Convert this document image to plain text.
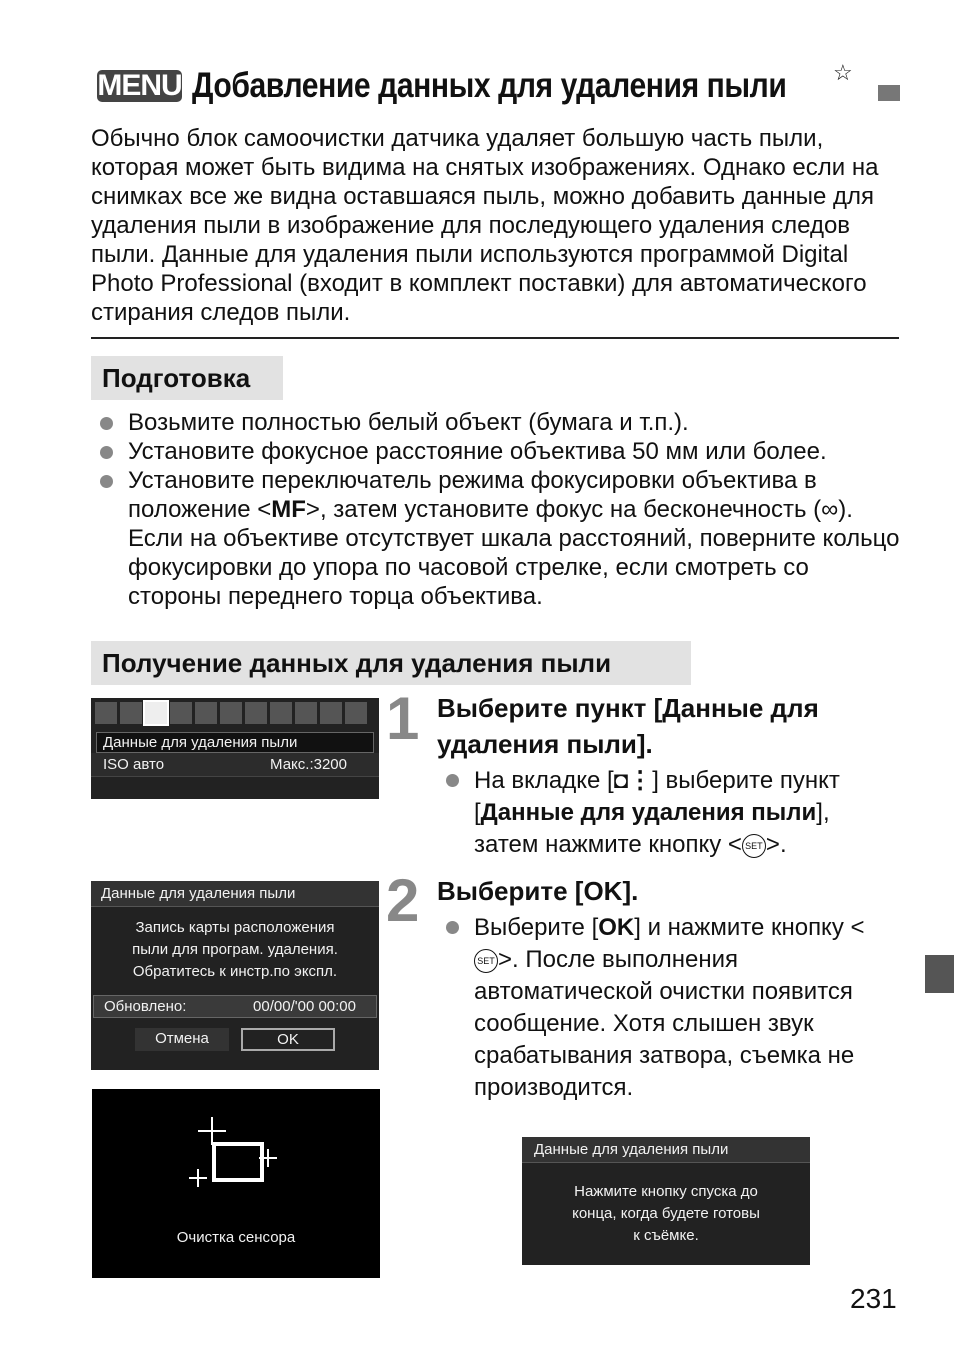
MENU Добавление данных для удаления пыли ☆
Обычно блок самоочистки датчика удаляет большую часть пыли, которая может быть видима на снятых изображениях. Однако если на снимках все же видна оставшаяся пыль, можно добавить данные для удаления пыли в изображение для последующего удаления следов пыли. Данные для удаления пыли используются программой Digital Photo Professional (входит в комплект поставки) для автоматического стирания следов пыли.
Подготовка
Возьмите полностью белый объект (бумага и т.п.).
Установите фокусное расстояние объектива 50 мм или более.
Установите переключатель режима фокусировки объектива в положение <MF>, затем установите фокус на бесконечность (∞). Если на объективе отсутствует шкала расстояний, поверните кольцо фокусировки до упора по часовой стрелке, если смотреть со стороны переднего торца объектива.
Получение данных для удаления пыли
Данные для удаления пыли
ISO авто	Макс.:3200
1 Выберите пункт [Данные для удаления пыли].
На вкладке [◘⋮] выберите пункт [Данные для удаления пыли], затем нажмите кнопку < SET >.
Данные для удаления пыли
Запись карты расположения
пыли для програм. удаления.
Обратитесь к инстр.по экспл.
Обновлено:	00/00/'00 00:00
Отмена	OK
2 Выберите [OK].
Выберите [OK] и нажмите кнопку <SET >. После выполнения автоматической очистки появится сообщение. Хотя слышен звук срабатывания затвора, съемка не производится.
Очистка сенсора
Данные для удаления пыли
Нажмите кнопку спуска до
конца, когда будете готовы
к съёмке.
231
